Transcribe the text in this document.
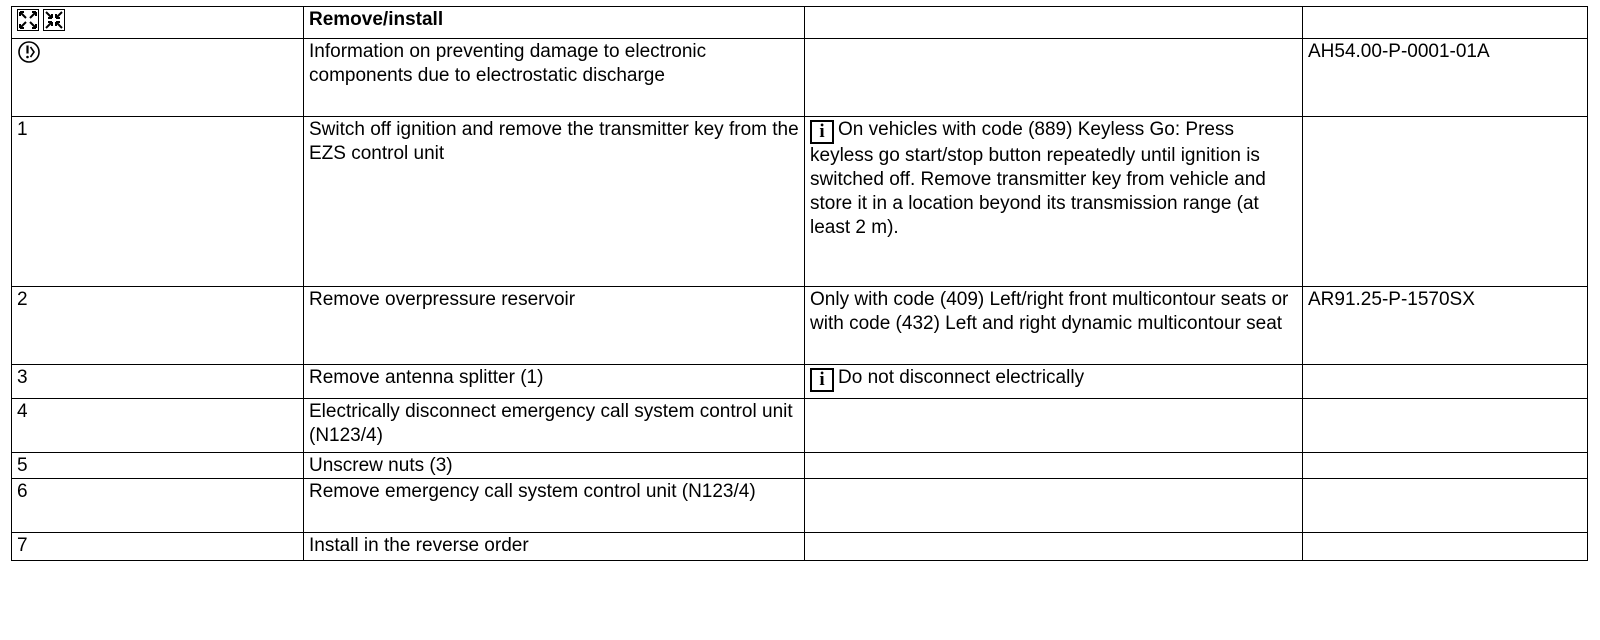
	Remove/install		
	Information on preventing damage to electronic components due to electrostatic discharge		AH54.00-P-0001-01A
1	Switch off ignition and remove the transmitter key from the EZS control unit	i On vehicles with code (889) Keyless Go: Press keyless go start/stop button repeatedly until ignition is switched off. Remove transmitter key from vehicle and store it in a location beyond its transmission range (at least 2 m).	
2	Remove overpressure reservoir	Only with code (409) Left/right front multicontour seats or with code (432) Left and right dynamic multicontour seat	AR91.25-P-1570SX
3	Remove antenna splitter (1)	i Do not disconnect electrically	
4	Electrically disconnect emergency call system control unit (N123/4)		
5	Unscrew nuts (3)		
6	Remove emergency call system control unit (N123/4)		
7	Install in the reverse order		
